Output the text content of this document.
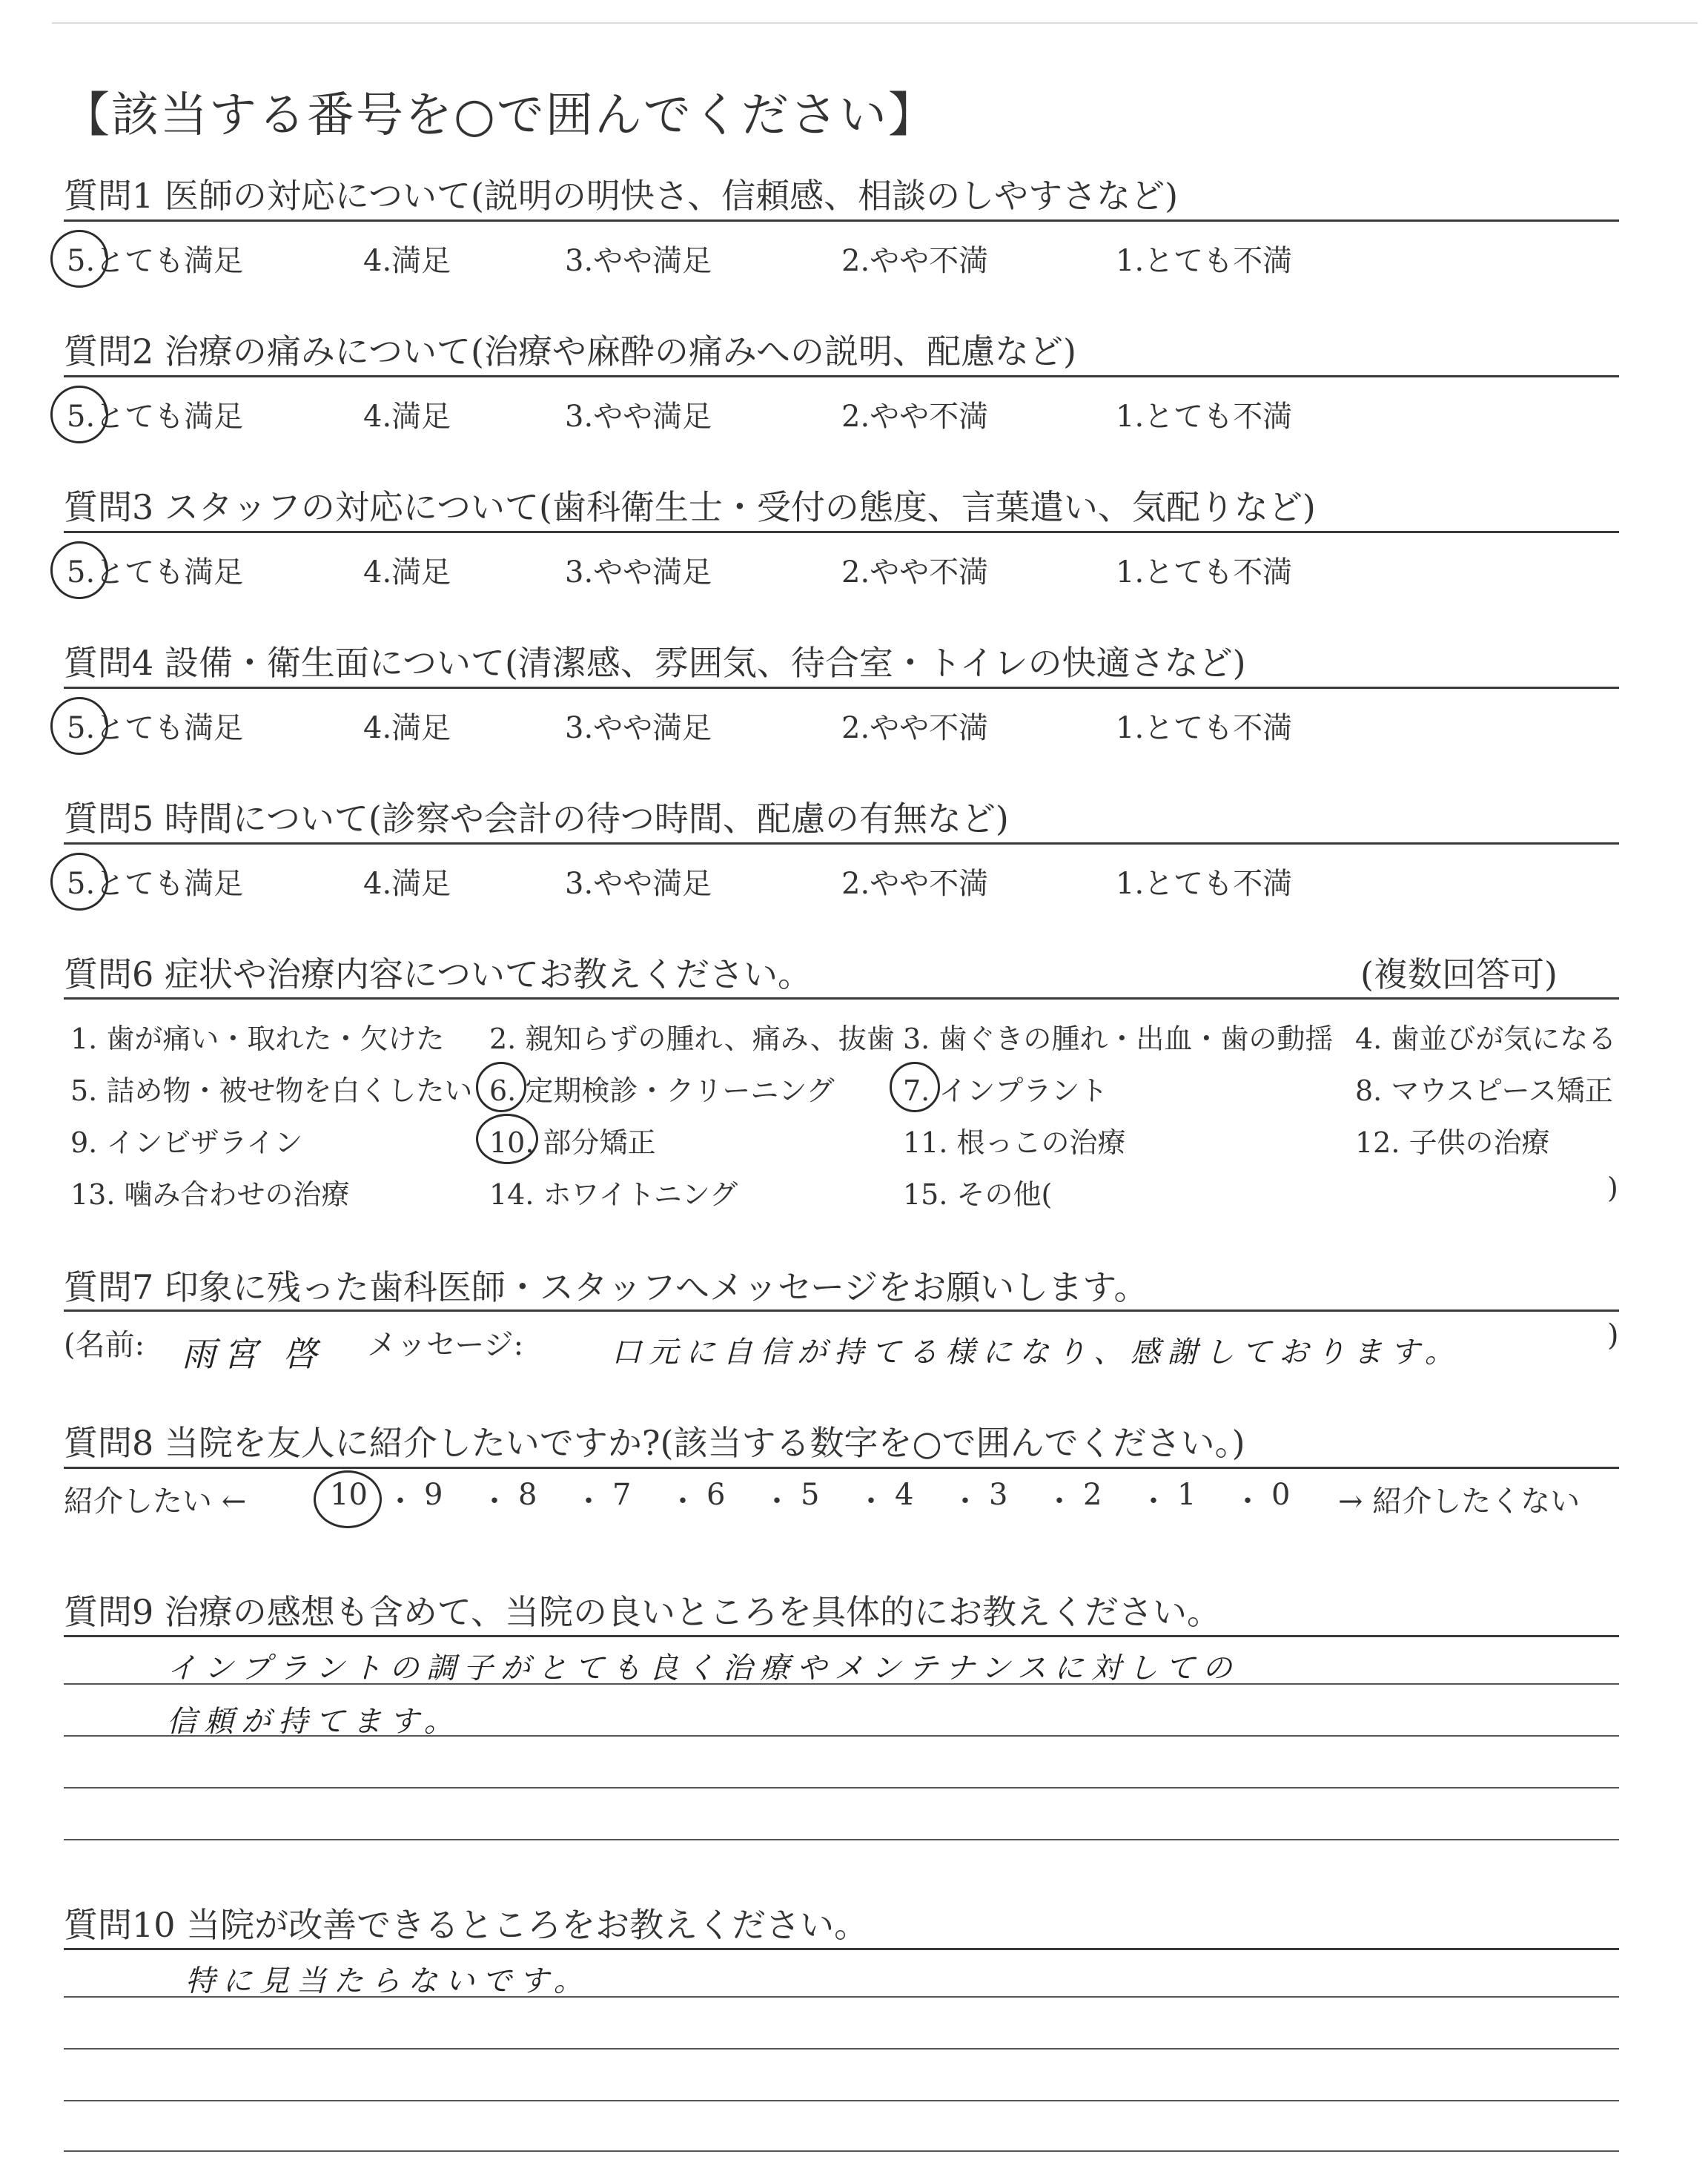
【該当する番号を○で囲んでください】
質問1 医師の対応について(説明の明快さ、信頼感、相談のしやすさなど)
5.とても満足	4.満足	3.やや満足	2.やや不満	1.とても不満
質問2 治療の痛みについて(治療や麻酔の痛みへの説明、配慮など)
5.とても満足	4.満足	3.やや満足	2.やや不満	1.とても不満
質問3 スタッフの対応について(歯科衛生士・受付の態度、言葉遣い、気配りなど)
5.とても満足	4.満足	3.やや満足	2.やや不満	1.とても不満
質問4 設備・衛生面について(清潔感、雰囲気、待合室・トイレの快適さなど)
5.とても満足	4.満足	3.やや満足	2.やや不満	1.とても不満
質問5 時間について(診察や会計の待つ時間、配慮の有無など)
5.とても満足	4.満足	3.やや満足	2.やや不満	1.とても不満
質問6 症状や治療内容についてお教えください。	(複数回答可)
1. 歯が痛い・取れた・欠けた 2. 親知らずの腫れ、痛み、抜歯 3. 歯ぐきの腫れ・出血・歯の動揺 4. 歯並びが気になる
5. 詰め物・被せ物を白くしたい 6. 定期検診・クリーニング 7. インプラント	8. マウスピース矯正
9. インビザライン	10. 部分矯正	11. 根っこの治療	12. 子供の治療
13. 噛み合わせの治療	14. ホワイトニング	15. その他(	)
質問7 印象に残った歯科医師・スタッフへメッセージをお願いします。
(名前: 雨宮 啓 メッセージ:	口元に自信が持てる様になり、感謝しております。	)
質問8 当院を友人に紹介したいですか?(該当する数字を○で囲んでください。)
紹介したい ←	10 ・ 9 ・ 8 ・ 7 ・ 6 ・ 5 ・ 4 ・ 3 ・ 2 ・ 1 ・ 0 → 紹介したくない
質問9 治療の感想も含めて、当院の良いところを具体的にお教えください。
インプラントの調子がとても良く治療やメンテナンスに対しての
信頼が持てます。
質問10 当院が改善できるところをお教えください。
特に見当たらないです。
